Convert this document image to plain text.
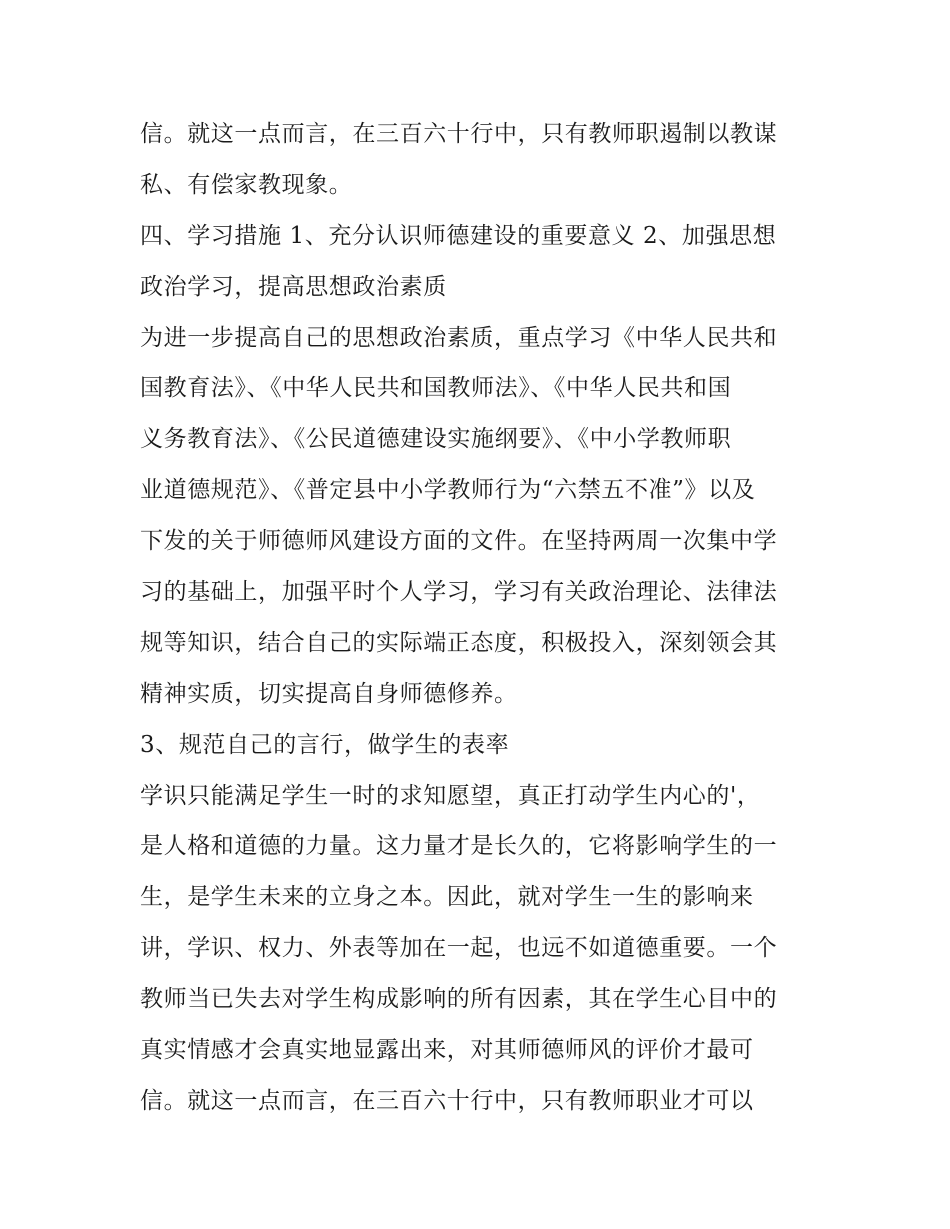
信。就这一点而言，在三百六十行中，只有教师职遏制以教谋
私、有偿家教现象。
四、学习措施 1、充分认识师德建设的重要意义 2、加强思想
政治学习，提高思想政治素质
为进一步提高自己的思想政治素质，重点学习《中华人民共和
国教育法》、《中华人民共和国教师法》、《中华人民共和国
义务教育法》、《公民道德建设实施纲要》、《中小学教师职
业道德规范》、《普定县中小学教师行为“六禁五不准”》以及
下发的关于师德师风建设方面的文件。在坚持两周一次集中学
习的基础上，加强平时个人学习，学习有关政治理论、法律法
规等知识，结合自己的实际端正态度，积极投入，深刻领会其
精神实质，切实提高自身师德修养。
3、规范自己的言行，做学生的表率
学识只能满足学生一时的求知愿望，真正打动学生内心的'，
是人格和道德的力量。这力量才是长久的，它将影响学生的一
生，是学生未来的立身之本。因此，就对学生一生的影响来
讲，学识、权力、外表等加在一起，也远不如道德重要。一个
教师当已失去对学生构成影响的所有因素，其在学生心目中的
真实情感才会真实地显露出来，对其师德师风的评价才最可
信。就这一点而言，在三百六十行中，只有教师职业才可以
